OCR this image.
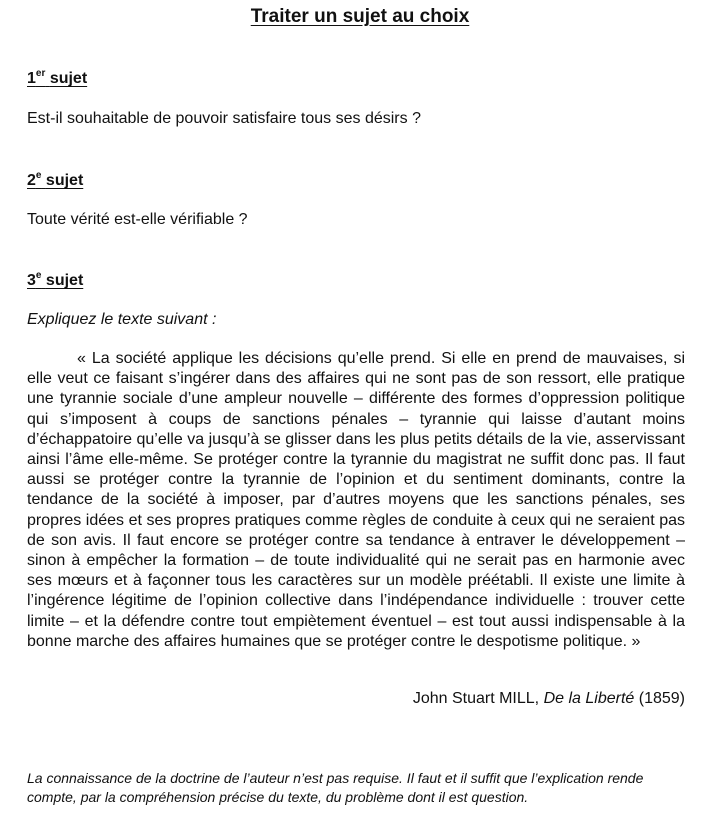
Traiter un sujet au choix
1er sujet

Est-il souhaitable de pouvoir satisfaire tous ses désirs ?

2e sujet

Toute vérité est-elle vérifiable ?

3e sujet

Expliquez le texte suivant :

« La société applique les décisions qu’elle prend. Si elle en prend de mauvaises, si elle veut ce faisant s’ingérer dans des affaires qui ne sont pas de son ressort, elle pratique une tyrannie sociale d’une ampleur nouvelle – différente des formes d’oppression politique qui s’imposent à coups de sanctions pénales – tyrannie qui laisse d’autant moins d’échappatoire qu’elle va jusqu’à se glisser dans les plus petits détails de la vie, asservissant ainsi l’âme elle-même. Se protéger contre la tyrannie du magistrat ne suffit donc pas. Il faut aussi se protéger contre la tyrannie de l’opinion et du sentiment dominants, contre la tendance de la société à imposer, par d’autres moyens que les sanctions pénales, ses propres idées et ses propres pratiques comme règles de conduite à ceux qui ne seraient pas de son avis. Il faut encore se protéger contre sa tendance à entraver le développement – sinon à empêcher la formation – de toute individualité qui ne serait pas en harmonie avec ses mœurs et à façonner tous les caractères sur un modèle préétabli. Il existe une limite à l’ingérence légitime de l’opinion collective dans l’indépendance individuelle : trouver cette limite – et la défendre contre tout empiètement éventuel – est tout aussi indispensable à la bonne marche des affaires humaines que se protéger contre le despotisme politique. »

John Stuart MILL, De la Liberté (1859)

La connaissance de la doctrine de l’auteur n’est pas requise. Il faut et il suffit que l’explication rende compte, par la compréhension précise du texte, du problème dont il est question.
